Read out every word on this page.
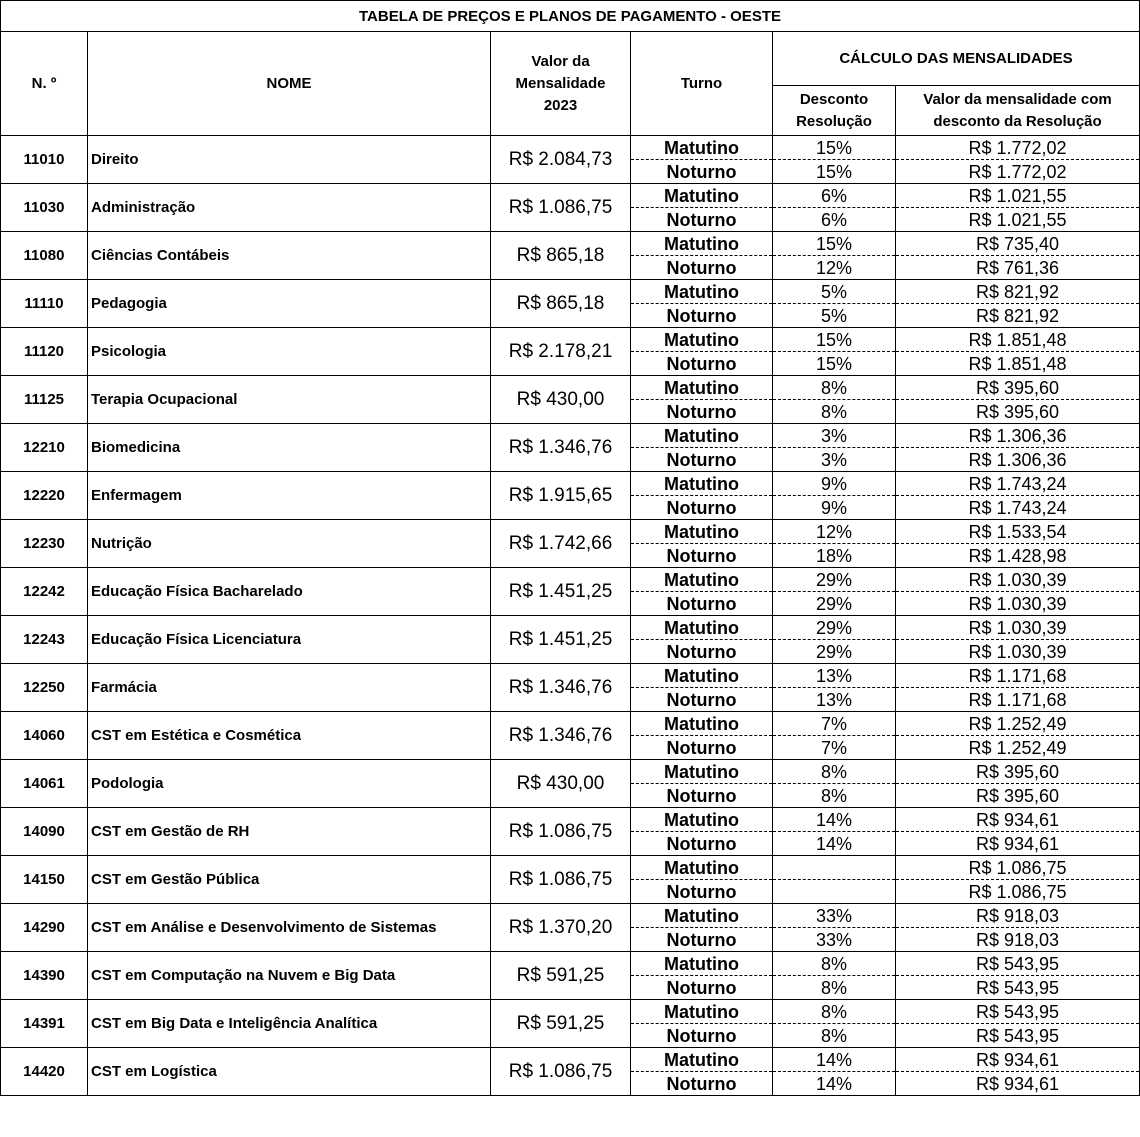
TABELA DE PREÇOS E PLANOS DE PAGAMENTO - OESTE					
N. º	NOME	Valor da Mensalidade 2023	Turno	CÁLCULO DAS MENSALIDADES	
				Desconto Resolução	Valor da mensalidade com desconto da Resolução
11010	Direito	R$ 2.084,73	Matutino	15%	R$ 1.772,02
			Noturno	15%	R$ 1.772,02
11030	Administração	R$ 1.086,75	Matutino	6%	R$ 1.021,55
			Noturno	6%	R$ 1.021,55
11080	Ciências Contábeis	R$ 865,18	Matutino	15%	R$ 735,40
			Noturno	12%	R$ 761,36
11110	Pedagogia	R$ 865,18	Matutino	5%	R$ 821,92
			Noturno	5%	R$ 821,92
11120	Psicologia	R$ 2.178,21	Matutino	15%	R$ 1.851,48
			Noturno	15%	R$ 1.851,48
11125	Terapia Ocupacional	R$ 430,00	Matutino	8%	R$ 395,60
			Noturno	8%	R$ 395,60
12210	Biomedicina	R$ 1.346,76	Matutino	3%	R$ 1.306,36
			Noturno	3%	R$ 1.306,36
12220	Enfermagem	R$ 1.915,65	Matutino	9%	R$ 1.743,24
			Noturno	9%	R$ 1.743,24
12230	Nutrição	R$ 1.742,66	Matutino	12%	R$ 1.533,54
			Noturno	18%	R$ 1.428,98
12242	Educação Física Bacharelado	R$ 1.451,25	Matutino	29%	R$ 1.030,39
			Noturno	29%	R$ 1.030,39
12243	Educação Física Licenciatura	R$ 1.451,25	Matutino	29%	R$ 1.030,39
			Noturno	29%	R$ 1.030,39
12250	Farmácia	R$ 1.346,76	Matutino	13%	R$ 1.171,68
			Noturno	13%	R$ 1.171,68
14060	CST em Estética e Cosmética	R$ 1.346,76	Matutino	7%	R$ 1.252,49
			Noturno	7%	R$ 1.252,49
14061	Podologia	R$ 430,00	Matutino	8%	R$ 395,60
			Noturno	8%	R$ 395,60
14090	CST em Gestão de RH	R$ 1.086,75	Matutino	14%	R$ 934,61
			Noturno	14%	R$ 934,61
14150	CST em Gestão Pública	R$ 1.086,75	Matutino		R$ 1.086,75
			Noturno		R$ 1.086,75
14290	CST em Análise e Desenvolvimento de Sistemas	R$ 1.370,20	Matutino	33%	R$ 918,03
			Noturno	33%	R$ 918,03
14390	CST em Computação na Nuvem e Big Data	R$ 591,25	Matutino	8%	R$ 543,95
			Noturno	8%	R$ 543,95
14391	CST em Big Data e Inteligência Analítica	R$ 591,25	Matutino	8%	R$ 543,95
			Noturno	8%	R$ 543,95
14420	CST em Logística	R$ 1.086,75	Matutino	14%	R$ 934,61
			Noturno	14%	R$ 934,61
